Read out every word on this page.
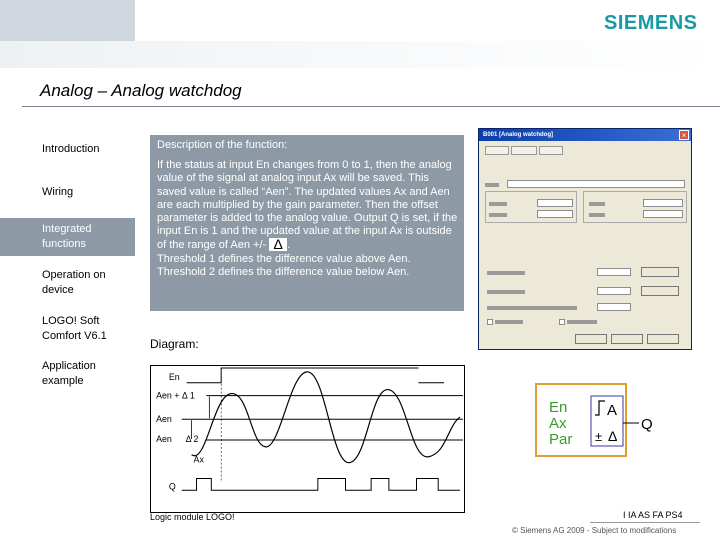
Introduction
Wiring
Integrated functions
Operation on device
LOGO! Soft Comfort V6.1
Application example
SIEMENS
Analog – Analog watchdog
Description of the function:
If the status at input En changes from 0 to 1, then the analog value of the signal at analog input Ax will be saved. This saved value is called “Aen”. The updated values Ax and Aen are each multiplied by the gain parameter. Then the offset parameter is added to the analog value. Output Q is set, if the input En is 1 and the updated value at the input Ax is outside of the range of Aen +/- Δ .
Threshold 1 defines the difference value above Aen.
Threshold 2 defines the difference value below Aen.
B001 [Analog watchdog]	×
Diagram:
En
Aen + Δ 1
Aen
Aen Δ 2
Ax
Q
En
Ax
Par
A
± Δ
Q
Logic module LOGO!	I IA AS FA PS4
© Siemens AG 2009 - Subject to modifications
